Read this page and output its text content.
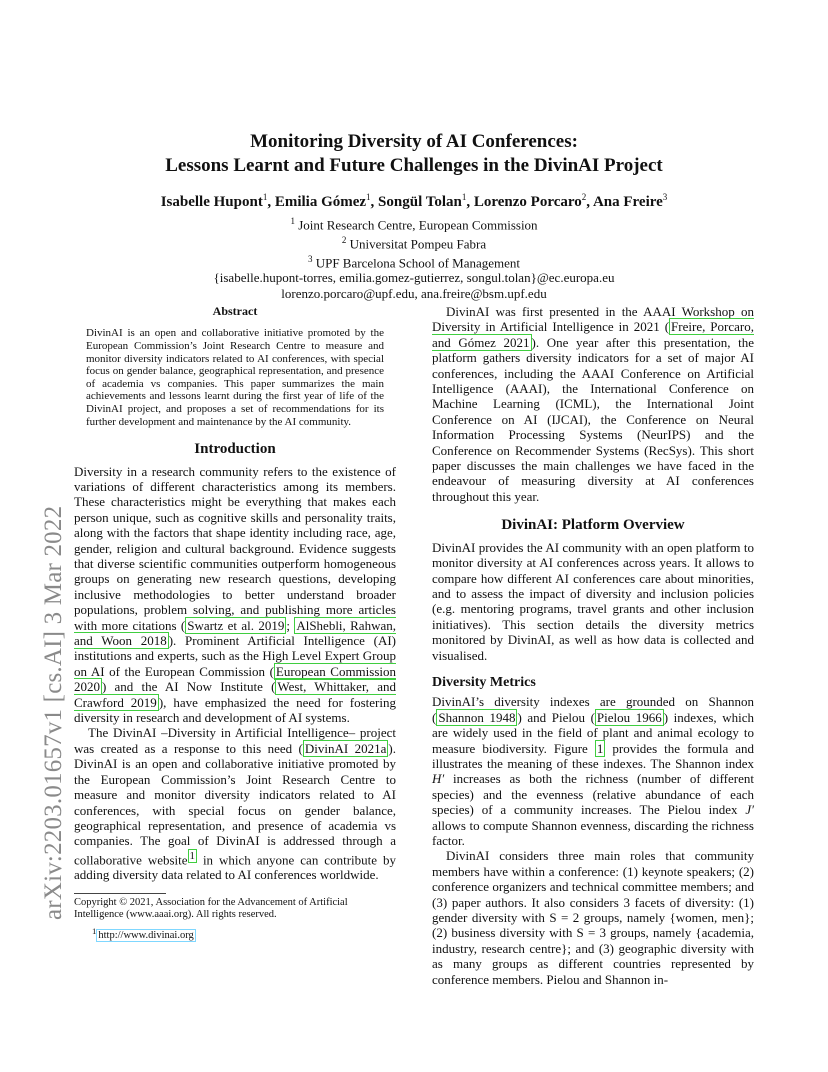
arXiv:2203.01657v1 [cs.AI] 3 Mar 2022
Monitoring Diversity of AI Conferences:
Lessons Learnt and Future Challenges in the DivinAI Project
Isabelle Hupont$^1$, Emilia Gómez$^1$, Songül Tolan$^1$, Lorenzo Porcaro$^2$, Ana Freire$^3$
$^1$ Joint Research Centre, European Commission
$^2$ Universitat Pompeu Fabra
$^3$ UPF Barcelona School of Management
{isabelle.hupont-torres, emilia.gomez-gutierrez, songul.tolan}@ec.europa.eu
lorenzo.porcaro@upf.edu, ana.freire@bsm.upf.edu
Abstract

DivinAI is an open and collaborative initiative promoted by the European Commission’s Joint Research Centre to measure and monitor diversity indicators related to AI conferences, with special focus on gender balance, geographical representation, and presence of academia vs companies. This paper summarizes the main achievements and lessons learnt during the first year of life of the DivinAI project, and proposes a set of recommendations for its further development and maintenance by the AI community.

Introduction

Diversity in a research community refers to the existence of variations of different characteristics among its members. These characteristics might be everything that makes each person unique, such as cognitive skills and personality traits, along with the factors that shape identity including race, age, gender, religion and cultural background. Evidence suggests that diverse scientific communities outperform homogeneous groups on generating new research questions, developing inclusive methodologies to better understand broader populations, problem solving, and publishing more articles with more citations ( Swartz et al. 2019 ; AlShebli, Rahwan, and Woon 2018 ). Prominent Artificial Intelligence (AI) institutions and experts, such as the High Level Expert Group on AI of the European Commission ( European Commission 2020 ) and the AI Now Institute ( West, Whittaker, and Crawford 2019 ), have emphasized the need for fostering diversity in research and development of AI systems.

The DivinAI –Diversity in Artificial Intelligence– project was created as a response to this need ( DivinAI 2021a ). DivinAI is an open and collaborative initiative promoted by the European Commission’s Joint Research Centre to measure and monitor diversity indicators related to AI conferences, with special focus on gender balance, geographical representation, and presence of academia vs companies. The goal of DivinAI is addressed through a collaborative website $^1$ in which anyone can contribute by adding diversity data related to AI conferences worldwide.

Copyright © 2021, Association for the Advancement of Artificial Intelligence (www.aaai.org). All rights reserved.
$^1$ http://www.divinai.org

DivinAI was first presented in the AAAI Workshop on Diversity in Artificial Intelligence in 2021 ( Freire, Porcaro, and Gómez 2021 ). One year after this presentation, the platform gathers diversity indicators for a set of major AI conferences, including the AAAI Conference on Artificial Intelligence (AAAI), the International Conference on Machine Learning (ICML), the International Joint Conference on AI (IJCAI), the Conference on Neural Information Processing Systems (NeurIPS) and the Conference on Recommender Systems (RecSys). This short paper discusses the main challenges we have faced in the endeavour of measuring diversity at AI conferences throughout this year.

DivinAI: Platform Overview

DivinAI provides the AI community with an open platform to monitor diversity at AI conferences across years. It allows to compare how different AI conferences care about minorities, and to assess the impact of diversity and inclusion policies (e.g. mentoring programs, travel grants and other inclusion initiatives). This section details the diversity metrics monitored by DivinAI, as well as how data is collected and visualised.

Diversity Metrics

DivinAI’s diversity indexes are grounded on Shannon ( Shannon 1948 ) and Pielou ( Pielou 1966 ) indexes, which are widely used in the field of plant and animal ecology to measure biodiversity. Figure 1 provides the formula and illustrates the meaning of these indexes. The Shannon index H′ increases as both the richness (number of different species) and the evenness (relative abundance of each species) of a community increases. The Pielou index J′ allows to compute Shannon evenness, discarding the richness factor.

DivinAI considers three main roles that community members have within a conference: (1) keynote speakers; (2) conference organizers and technical committee members; and (3) paper authors. It also considers 3 facets of diversity: (1) gender diversity with S = 2 groups, namely {women, men}; (2) business diversity with S = 3 groups, namely {academia, industry, research centre}; and (3) geographic diversity with as many groups as different countries represented by conference members. Pielou and Shannon in-
